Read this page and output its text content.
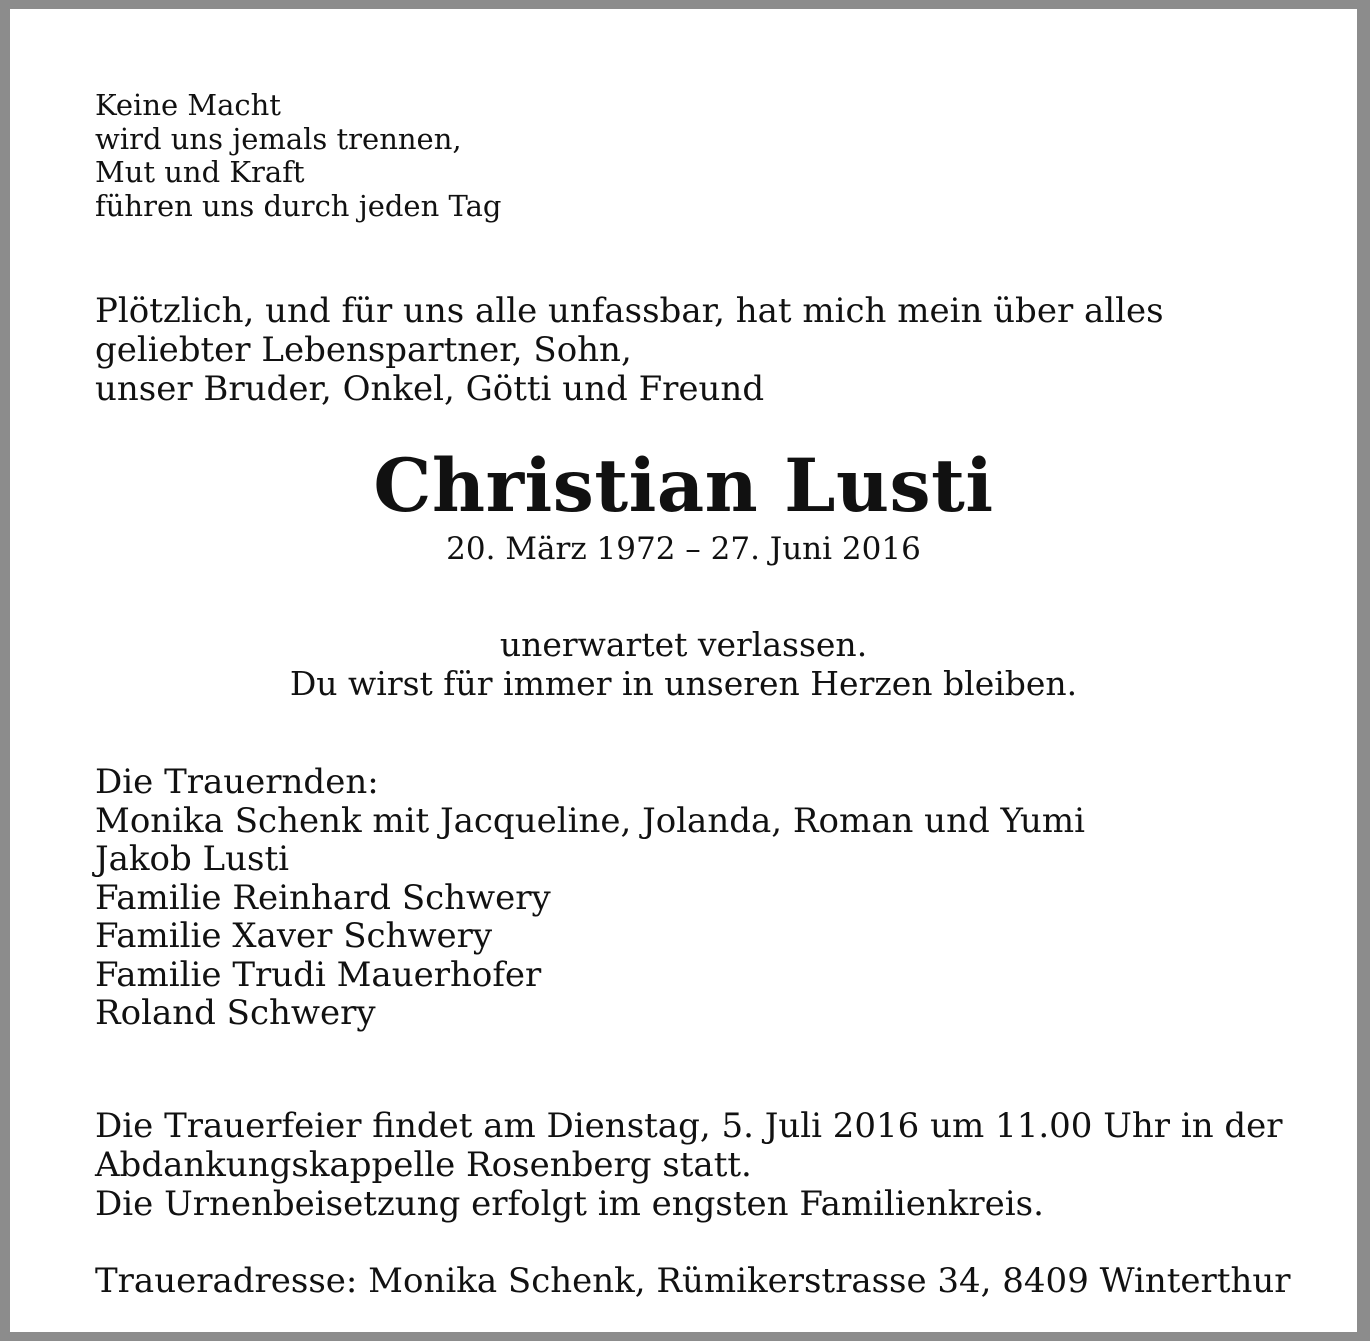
Keine Macht
wird uns jemals trennen,
Mut und Kraft
führen uns durch jeden Tag
Plötzlich, und für uns alle unfassbar, hat mich mein über alles
geliebter Lebenspartner, Sohn,
unser Bruder, Onkel, Götti und Freund
Christian Lusti
20. März 1972 – 27. Juni 2016
unerwartet verlassen.
Du wirst für immer in unseren Herzen bleiben.
Die Trauernden:
Monika Schenk mit Jacqueline, Jolanda, Roman und Yumi
Jakob Lusti
Familie Reinhard Schwery
Familie Xaver Schwery
Familie Trudi Mauerhofer
Roland Schwery
Die Trauerfeier findet am Dienstag, 5. Juli 2016 um 11.00 Uhr in der
Abdankungskappelle Rosenberg statt.
Die Urnenbeisetzung erfolgt im engsten Familienkreis.
Traueradresse: Monika Schenk, Rümikerstrasse 34, 8409 Winterthur
